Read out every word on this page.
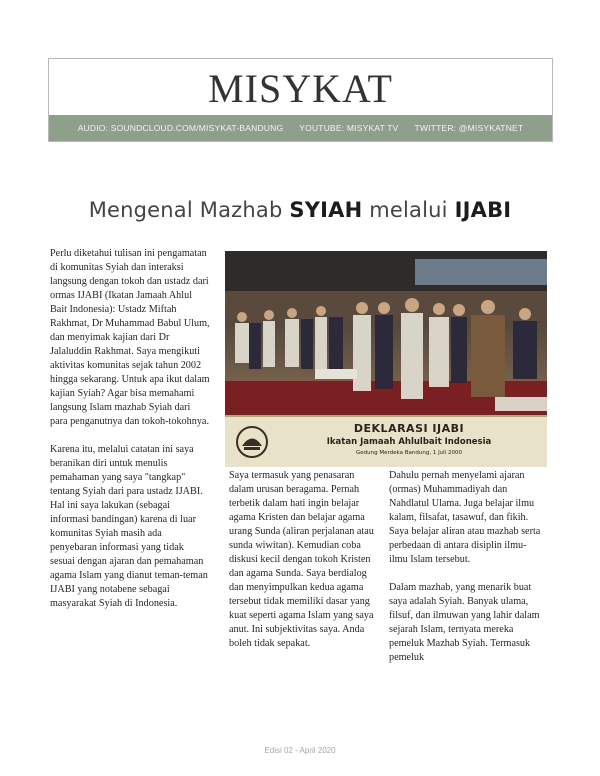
MISYKAT
AUDIO: SOUNDCLOUD.COM/MISYKAT-BANDUNG YOUTUBE: MISYKAT TV TWITTER: @MISYKATNET
Mengenal Mazhab SYIAH melalui IJABI

Perlu diketahui tulisan ini pengamatan di komunitas Syiah dan interaksi langsung dengan tokoh dan ustadz dari ormas IJABI (Ikatan Jamaah Ahlul Bait Indonesia): Ustadz Miftah Rakhmat, Dr Muhammad Babul Ulum, dan menyimak kajian dari Dr Jalaluddin Rakhmat. Saya mengikuti aktivitas komunitas sejak tahun 2002 hingga sekarang. Untuk apa ikut dalam kajian Syiah? Agar bisa memahami langsung Islam mazhab Syiah dari para penganutnya dan tokoh-tokohnya.

Karena itu, melalui catatan ini saya beranikan diri untuk menulis pemahaman yang saya "tangkap" tentang Syiah dari para ustadz IJABI. Hal ini saya lakukan (sebagai informasi bandingan) karena di luar komunitas Syiah masih ada penyebaran informasi yang tidak sesuai dengan ajaran dan pemahaman agama Islam yang dianut teman-teman IJABI yang notabene sebagai masyarakat Syiah di Indonesia.

DEKLARASI IJABI
Ikatan Jamaah Ahlulbait Indonesia
Gedung Merdeka Bandung, 1 Juli 2000

Saya termasuk yang penasaran dalam urusan beragama. Pernah terbetik dalam hati ingin belajar agama Kristen dan belajar agama urang Sunda (aliran perjalanan atau sunda wiwitan). Kemudian coba diskusi kecil dengan tokoh Kristen dan agama Sunda. Saya berdialog dan menyimpulkan kedua agama tersebut tidak memiliki dasar yang kuat seperti agama Islam yang saya anut. Ini subjektivitas saya. Anda boleh tidak sepakat.

Dahulu pernah menyelami ajaran (ormas) Muhammadiyah dan Nahdlatul Ulama. Juga belajar ilmu kalam, filsafat, tasawuf, dan fikih. Saya belajar aliran atau mazhab serta perbedaan di antara disiplin ilmu-ilmu Islam tersebut.

Dalam mazhab, yang menarik buat saya adalah Syiah. Banyak ulama, filsuf, dan ilmuwan yang lahir dalam sejarah Islam, ternyata mereka pemeluk Mazhab Syiah. Termasuk pemeluk

Edisi 02 - April 2020
